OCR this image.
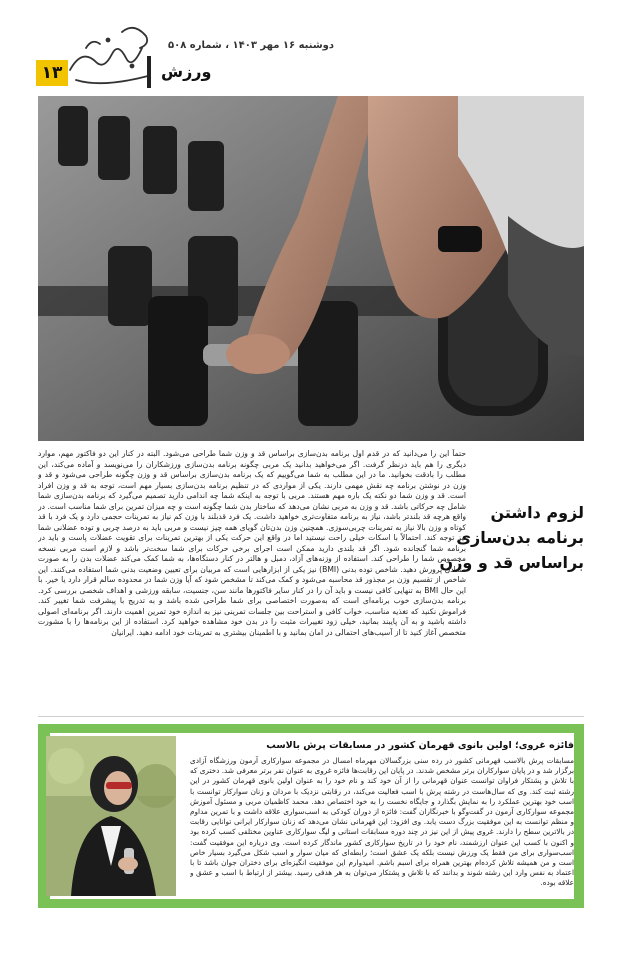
۱۳
دوشنبه ۱۶ مهر ۱۴۰۳ ، شماره ۵۰۸
ورزش
لزوم داشتن
برنامه بدن‌سازی
براساس قد و وزن
حتماً این را می‌دانید که در قدم اول برنامه بدن‌سازی براساس قد و وزن شما طراحی می‌شود. البته در کنار این دو فاکتور مهم، موارد دیگری را هم باید درنظر گرفت. اگر می‌خواهید بدانید یک مربی چگونه برنامه بدن‌سازی ورزشکاران را می‌نویسد و آماده می‌کند، این مطلب را بادقت بخوانید. ما در این مطلب به شما می‌گوییم که یک برنامه بدن‌سازی براساس قد و وزن چگونه طراحی می‌شود و قد و وزن در نوشتن برنامه چه نقش مهمی دارند. یکی از مواردی که در تنظیم برنامه بدن‌سازی بسیار مهم است، توجه به قد و وزن افراد است. قد و وزن شما دو نکته یک باره مهم هستند. مربی با توجه به اینکه شما چه اندامی دارید تصمیم می‌گیرد که برنامه بدن‌سازی شما شامل چه حرکاتی باشد. قد و وزن به مربی نشان می‌دهد که ساختار بدن شما چگونه است و چه میزان تمرین برای شما مناسب است. در واقع هرچه قد بلندتر باشد، نیاز به برنامه متفاوت‌تری خواهید داشت. یک فرد قدبلند با وزن کم نیاز به تمرینات حجمی دارد و یک فرد با قد کوتاه و وزن بالا نیاز به تمرینات چربی‌سوزی. همچنین وزن بدن‌تان گویای همه چیز نیست و مربی باید به درصد چربی و توده عضلانی شما نیز توجه کند. احتمالاً با اسکات خیلی راحت نیستید اما در واقع این حرکت یکی از بهترین تمرینات برای تقویت عضلات پاست و باید در برنامه شما گنجانده شود. اگر قد بلندی دارید ممکن است اجرای برخی حرکات برای شما سخت‌تر باشد و لازم است مربی نسخه مخصوص شما را طراحی کند. استفاده از وزنه‌های آزاد، دمبل و هالتر در کنار دستگاه‌ها، به شما کمک می‌کند عضلات بدن را به صورت متعادل پرورش دهید. شاخص توده بدنی (BMI) نیز یکی از ابزارهایی است که مربیان برای تعیین وضعیت بدنی شما استفاده می‌کنند. این شاخص از تقسیم وزن بر مجذور قد محاسبه می‌شود و کمک می‌کند تا مشخص شود که آیا وزن شما در محدوده سالم قرار دارد یا خیر. با این حال BMI به تنهایی کافی نیست و باید آن را در کنار سایر فاکتورها مانند سن، جنسیت، سابقه ورزشی و اهداف شخصی بررسی کرد. برنامه بدن‌سازی خوب برنامه‌ای است که به‌صورت اختصاصی برای شما طراحی شده باشد و به تدریج با پیشرفت شما تغییر کند. فراموش نکنید که تغذیه مناسب، خواب کافی و استراحت بین جلسات تمرینی نیز به اندازه خود تمرین اهمیت دارند. اگر برنامه‌ای اصولی داشته باشید و به آن پایبند بمانید، خیلی زود تغییرات مثبت را در بدن خود مشاهده خواهید کرد. استفاده از این برنامه‌ها را با مشورت متخصص آغاز کنید تا از آسیب‌های احتمالی در امان بمانید و با اطمینان بیشتری به تمرینات خود ادامه دهید. ایرانیان
فائزه غروی؛ اولین بانوی قهرمان کشور در مسابقات پرش بالاسب
مسابقات پرش بالاسب قهرمانی کشور در رده سنی بزرگسالان مهرماه امسال در مجموعه سوارکاری آرمون ورزشگاه آزادی برگزار شد و در پایان سوارکاران برتر مشخص شدند. در پایان این رقابت‌ها فائزه غروی به عنوان نفر برتر معرفی شد. دختری که با تلاش و پشتکار فراوان توانست عنوان قهرمانی را از آن خود کند و نام خود را به عنوان اولین بانوی قهرمان کشور در این رشته ثبت کند. وی که سال‌هاست در رشته پرش با اسب فعالیت می‌کند، در رقابتی نزدیک با مردان و زنان سوارکار توانست با اسب خود بهترین عملکرد را به نمایش بگذارد و جایگاه نخست را به خود اختصاص دهد. محمد کاظمیان مربی و مسئول آموزش مجموعه سوارکاری آرمون در گفت‌وگو با خبرنگاران گفت: فائزه از دوران کودکی به اسب‌سواری علاقه داشت و با تمرین مداوم و منظم توانست به این موفقیت بزرگ دست یابد. وی افزود: این قهرمانی نشان می‌دهد که زنان سوارکار ایرانی توانایی رقابت در بالاترین سطح را دارند. غروی پیش از این نیز در چند دوره مسابقات استانی و لیگ سوارکاری عناوین مختلفی کسب کرده بود و اکنون با کسب این عنوان ارزشمند، نام خود را در تاریخ سوارکاری کشور ماندگار کرده است. وی درباره این موفقیت گفت: اسب‌سواری برای من فقط یک ورزش نیست بلکه یک عشق است؛ رابطه‌ای که میان سوار و اسب شکل می‌گیرد بسیار خاص است و من همیشه تلاش کرده‌ام بهترین همراه برای اسبم باشم. امیدوارم این موفقیت انگیزه‌ای برای دختران جوان باشد تا با اعتماد به نفس وارد این رشته شوند و بدانند که با تلاش و پشتکار می‌توان به هر هدفی رسید. بیشتر از ارتباط با اسب و عشق و علاقه بوده.
